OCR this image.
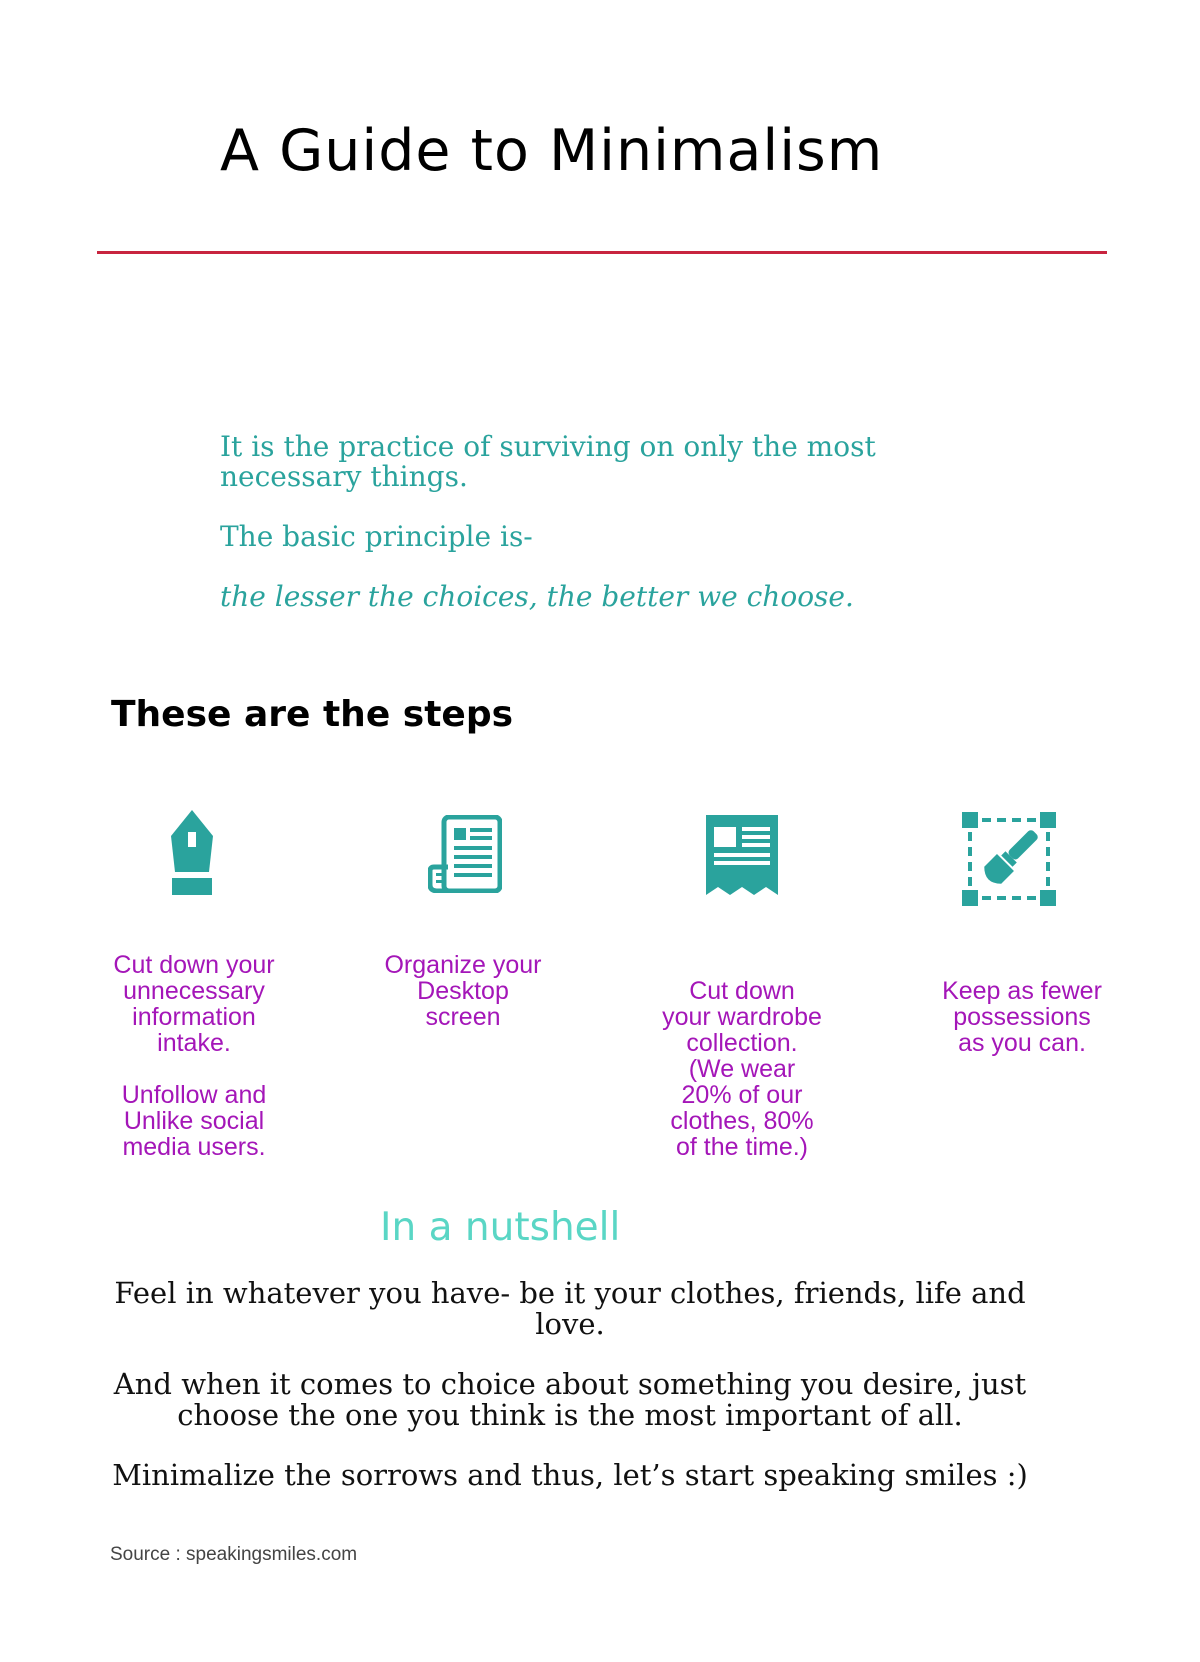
A Guide to Minimalism

It is the practice of surviving on only the most necessary things.

The basic principle is-

the lesser the choices, the better we choose.

These are the steps

Cut down your unnecessary information intake.

Unfollow and Unlike social media users.

Organize your Desktop screen

Cut down your wardrobe collection. (We wear 20% of our clothes, 80% of the time.)

Keep as fewer possessions as you can.

In a nutshell

Feel in whatever you have- be it your clothes, friends, life and love.

And when it comes to choice about something you desire, just choose the one you think is the most important of all.

Minimalize the sorrows and thus, let’s start speaking smiles :)

Source : speakingsmiles.com
